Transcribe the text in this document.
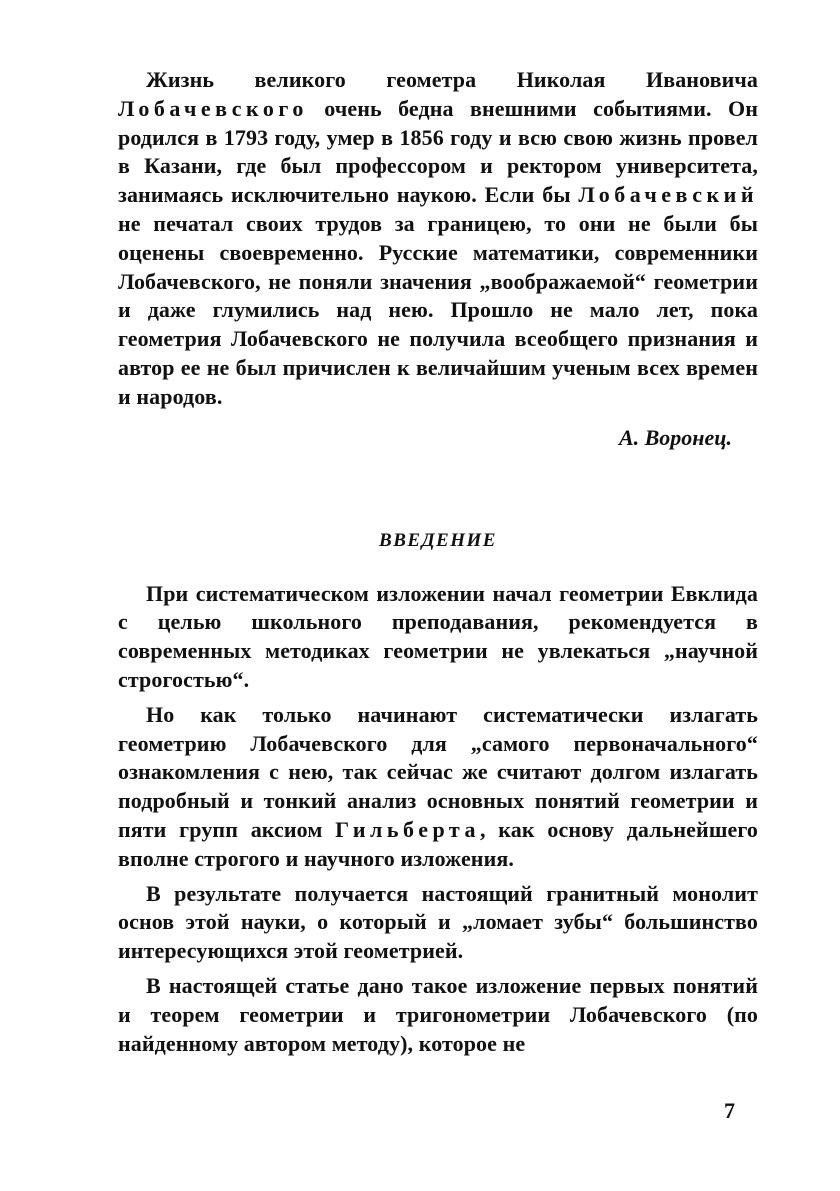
Жизнь великого геометра Николая Ивановича Лобачевского очень бедна внешними событиями. Он родился в 1793 году, умер в 1856 году и всю свою жизнь провел в Казани, где был профессором и ректором университета, занимаясь исключительно наукою. Если бы Лобачевский не печатал своих трудов за границею, то они не были бы оценены своевременно. Русские математики, современники Лобачевского, не поняли значения „воображаемой“ геометрии и даже глумились над нею. Прошло не мало лет, пока геометрия Лобачевского не получила всеобщего признания и автор ее не был причислен к величайшим ученым всех времен и народов.

А. Воронец.
ВВЕДЕНИЕ

При систематическом изложении начал геометрии Евклида с целью школьного преподавания, рекомендуется в современных методиках геометрии не увлекаться „научной строгостью“.

Но как только начинают систематически излагать геометрию Лобачевского для „самого первоначального“ ознакомления с нею, так сейчас же считают долгом излагать подробный и тонкий анализ основных понятий геометрии и пяти групп аксиом Гильберта, как основу дальнейшего вполне строгого и научного изложения.

В результате получается настоящий гранитный монолит основ этой науки, о который и „ломает зубы“ большинство интересующихся этой геометрией.

В настоящей статье дано такое изложение первых понятий и теорем геометрии и тригонометрии Лобачевского (по найденному автором методу), которое не

7
